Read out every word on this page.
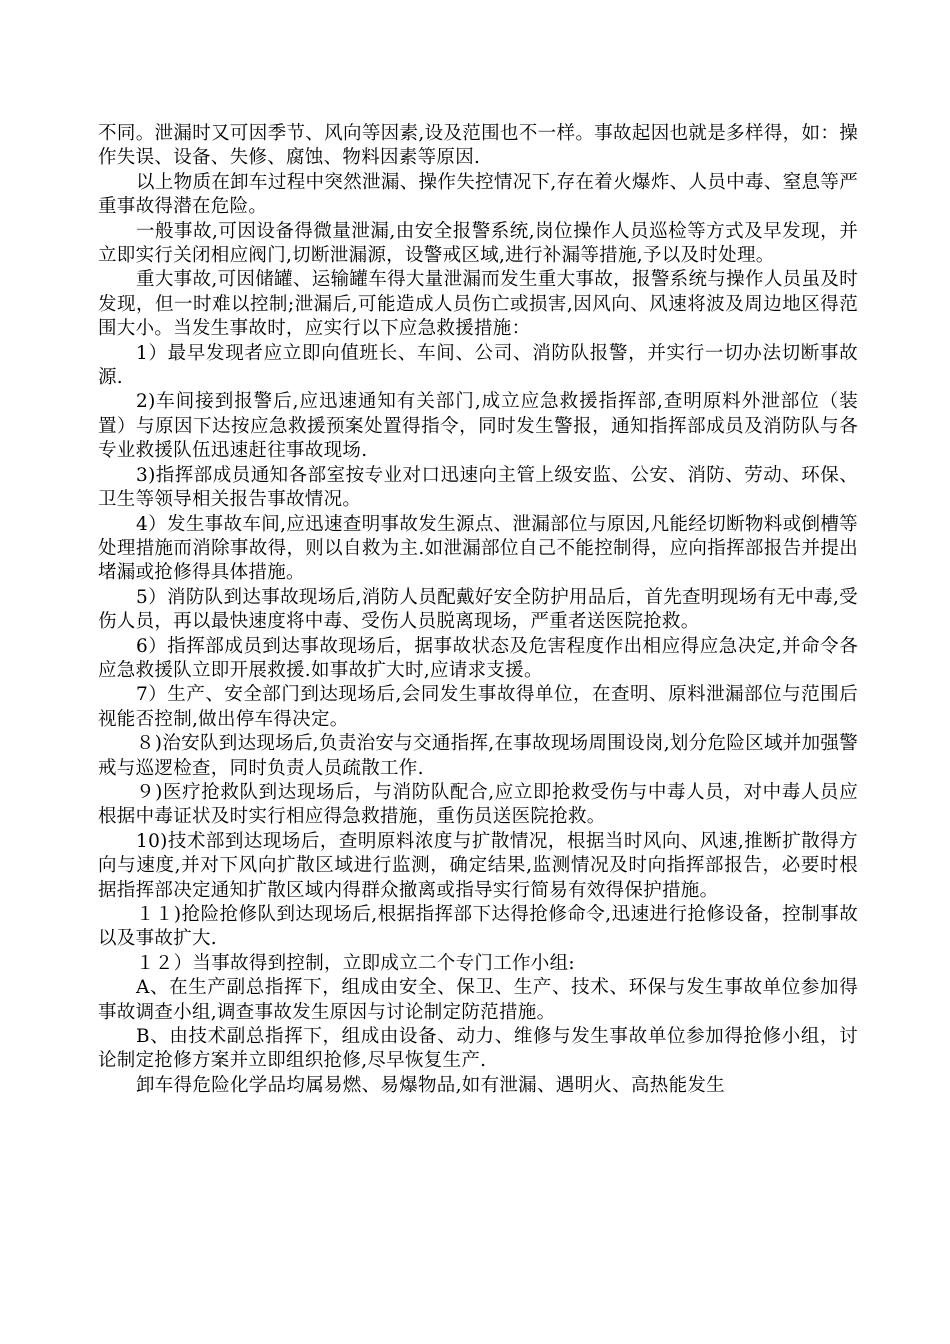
不同。泄漏时又可因季节、风向等因素,设及范围也不一样。事故起因也就是多样得，如：操作失误、设备、失修、腐蚀、物料因素等原因.

以上物质在卸车过程中突然泄漏、操作失控情况下,存在着火爆炸、人员中毒、窒息等严重事故得潜在危险。

一般事故,可因设备得微量泄漏,由安全报警系统,岗位操作人员巡检等方式及早发现，并立即实行关闭相应阀门,切断泄漏源，设警戒区域,进行补漏等措施,予以及时处理。

重大事故,可因储罐、运输罐车得大量泄漏而发生重大事故，报警系统与操作人员虽及时发现，但一时难以控制;泄漏后,可能造成人员伤亡或损害,因风向、风速将波及周边地区得范围大小。当发生事故时，应实行以下应急救援措施：

1）最早发现者应立即向值班长、车间、公司、消防队报警，并实行一切办法切断事故源.

2)车间接到报警后,应迅速通知有关部门,成立应急救援指挥部,查明原料外泄部位（装置）与原因下达按应急救援预案处置得指令，同时发生警报，通知指挥部成员及消防队与各专业救援队伍迅速赶往事故现场.

3)指挥部成员通知各部室按专业对口迅速向主管上级安监、公安、消防、劳动、环保、卫生等领导相关报告事故情况。

4）发生事故车间,应迅速查明事故发生源点、泄漏部位与原因,凡能经切断物料或倒槽等处理措施而消除事故得，则以自救为主.如泄漏部位自己不能控制得，应向指挥部报告并提出堵漏或抢修得具体措施。

5）消防队到达事故现场后,消防人员配戴好安全防护用品后，首先查明现场有无中毒,受伤人员，再以最快速度将中毒、受伤人员脱离现场，严重者送医院抢救。

6）指挥部成员到达事故现场后，据事故状态及危害程度作出相应得应急决定,并命令各应急救援队立即开展救援.如事故扩大时,应请求支援。

7）生产、安全部门到达现场后,会同发生事故得单位，在查明、原料泄漏部位与范围后视能否控制,做出停车得决定。

８)治安队到达现场后,负责治安与交通指挥,在事故现场周围设岗,划分危险区域并加强警戒与巡逻检查，同时负责人员疏散工作.

９)医疗抢救队到达现场后，与消防队配合,应立即抢救受伤与中毒人员，对中毒人员应根据中毒证状及时实行相应得急救措施，重伤员送医院抢救。

10)技术部到达现场后，查明原料浓度与扩散情况，根据当时风向、风速,推断扩散得方向与速度,并对下风向扩散区域进行监测，确定结果,监测情况及时向指挥部报告，必要时根据指挥部决定通知扩散区域内得群众撤离或指导实行简易有效得保护措施。

１１)抢险抢修队到达现场后,根据指挥部下达得抢修命令,迅速进行抢修设备，控制事故以及事故扩大.

１２）当事故得到控制，立即成立二个专门工作小组:

A、在生产副总指挥下，组成由安全、保卫、生产、技术、环保与发生事故单位参加得事故调查小组,调查事故发生原因与讨论制定防范措施。

B、由技术副总指挥下，组成由设备、动力、维修与发生事故单位参加得抢修小组，讨论制定抢修方案并立即组织抢修,尽早恢复生产.

卸车得危险化学品均属易燃、易爆物品,如有泄漏、遇明火、高热能发生
